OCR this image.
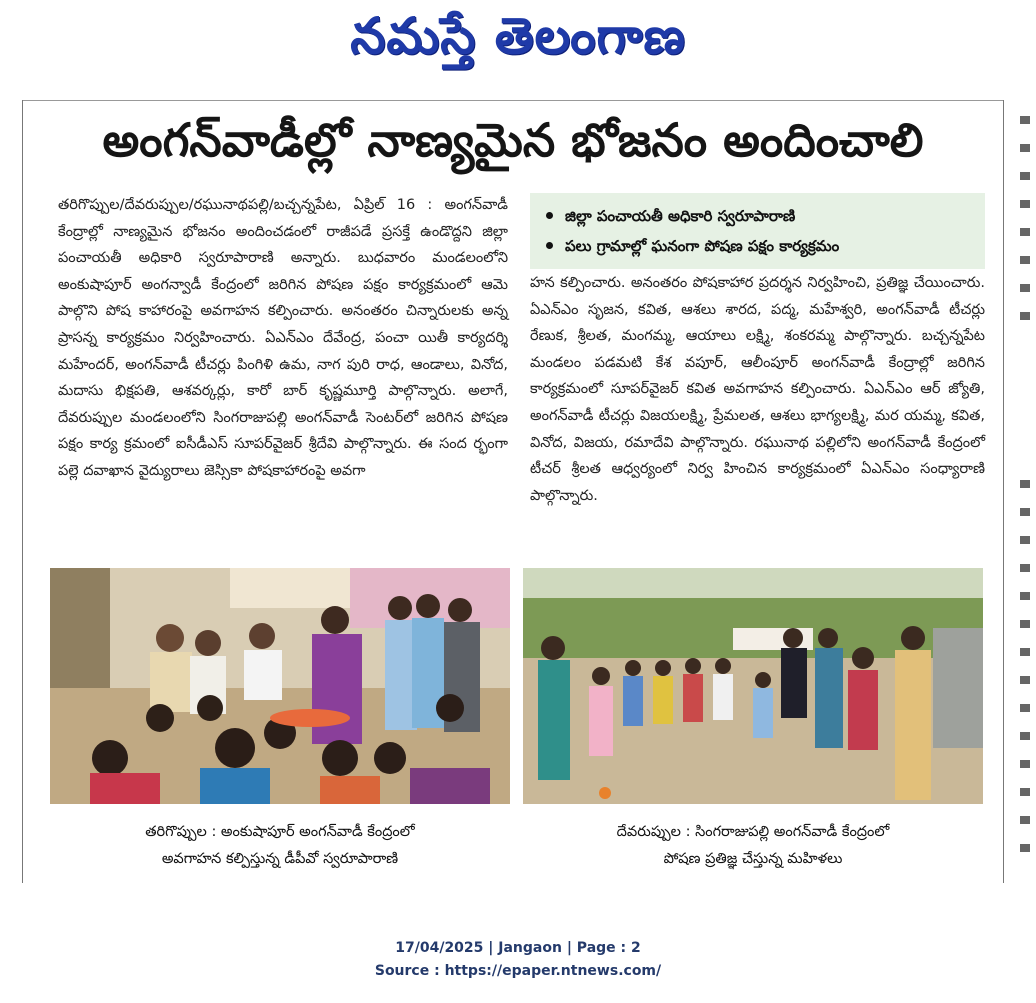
నమస్తే తెలంగాణ
అంగన్‌వాడీల్లో నాణ్యమైన భోజనం అందించాలి
తరిగొప్పుల/దేవరుప్పుల/రఘునాథపల్లి/బచ్చన్నపేట, ఏప్రిల్ 16 : అంగన్‌వాడీ కేంద్రాల్లో నాణ్యమైన భోజనం అందించడంలో రాజీపడే ప్రసక్తే ఉండొద్దని జిల్లా పంచాయతీ అధికారి స్వరూపారాణి అన్నారు. బుధవారం మండలంలోని అంకుషాపూర్ అంగన్వాడీ కేంద్రంలో జరిగిన పోషణ పక్షం కార్యక్రమంలో ఆమె పాల్గొని పోష కాహారంపై అవగాహన కల్పించారు. అనంతరం చిన్నారులకు అన్న ప్రాసన్న కార్యక్రమం నిర్వహించారు. ఏఎన్‌ఎం దేవేంద్ర, పంచా యితీ కార్యదర్శి మహేందర్, అంగన్‌వాడీ టీచర్లు పింగిళి ఉమ, నాగ పురి రాధ, ఆండాలు, వినోద, మదాసు భిక్షపతి, ఆశవర్కర్లు, కారో బార్ కృష్ణమూర్తి పాల్గొన్నారు. అలాగే, దేవరుప్పుల మండలంలోని సింగరాజుపల్లి అంగన్‌వాడీ సెంటర్‌లో జరిగిన పోషణ పక్షం కార్య క్రమంలో ఐసీడీఎస్ సూపర్‌వైజర్ శ్రీదేవి పాల్గొన్నారు. ఈ సంద ర్భంగా పల్లె దవాఖాన వైద్యురాలు జెస్సికా పోషకాహారంపై అవగా
జిల్లా పంచాయతీ అధికారి స్వరూపారాణి
పలు గ్రామాల్లో ఘనంగా పోషణ పక్షం కార్యక్రమం
హన కల్పించారు. అనంతరం పోషకాహార ప్రదర్శన నిర్వహించి, ప్రతిజ్ఞ చేయించారు. ఏఎన్‌ఎం సృజన, కవిత, ఆశలు శారద, పద్మ, మహేశ్వరి, అంగన్‌వాడీ టీచర్లు రేణుక, శ్రీలత, మంగమ్మ, ఆయాలు లక్ష్మి, శంకరమ్మ పాల్గొన్నారు. బచ్చన్నపేట మండలం పడమటి కేశ వపూర్, ఆలీంపూర్ అంగన్‌వాడీ కేంద్రాల్లో జరిగిన కార్యక్రమంలో సూపర్‌వైజర్ కవిత అవగాహన కల్పించారు. ఏఎన్‌ఎం ఆర్ జ్యోతి, అంగన్‌వాడీ టీచర్లు విజయలక్ష్మి, ప్రేమలత, ఆశలు భాగ్యలక్ష్మి, మర యమ్మ, కవిత, వినోద, విజయ, రమాదేవి పాల్గొన్నారు. రఘునాథ పల్లిలోని అంగన్‌వాడీ కేంద్రంలో టీచర్ శ్రీలత ఆధ్వర్యంలో నిర్వ హించిన కార్యక్రమంలో ఏఎన్ఎం సంధ్యారాణి పాల్గొన్నారు.
తరిగొప్పుల : అంకుషాపూర్ అంగన్‌వాడీ కేంద్రంలో
అవగాహన కల్పిస్తున్న డీపీవో స్వరూపారాణి
దేవరుప్పుల : సింగరాజుపల్లి అంగన్‌వాడీ కేంద్రంలో
పోషణ ప్రతిజ్ఞ చేస్తున్న మహిళలు
17/04/2025 | Jangaon | Page : 2
Source : https://epaper.ntnews.com/
